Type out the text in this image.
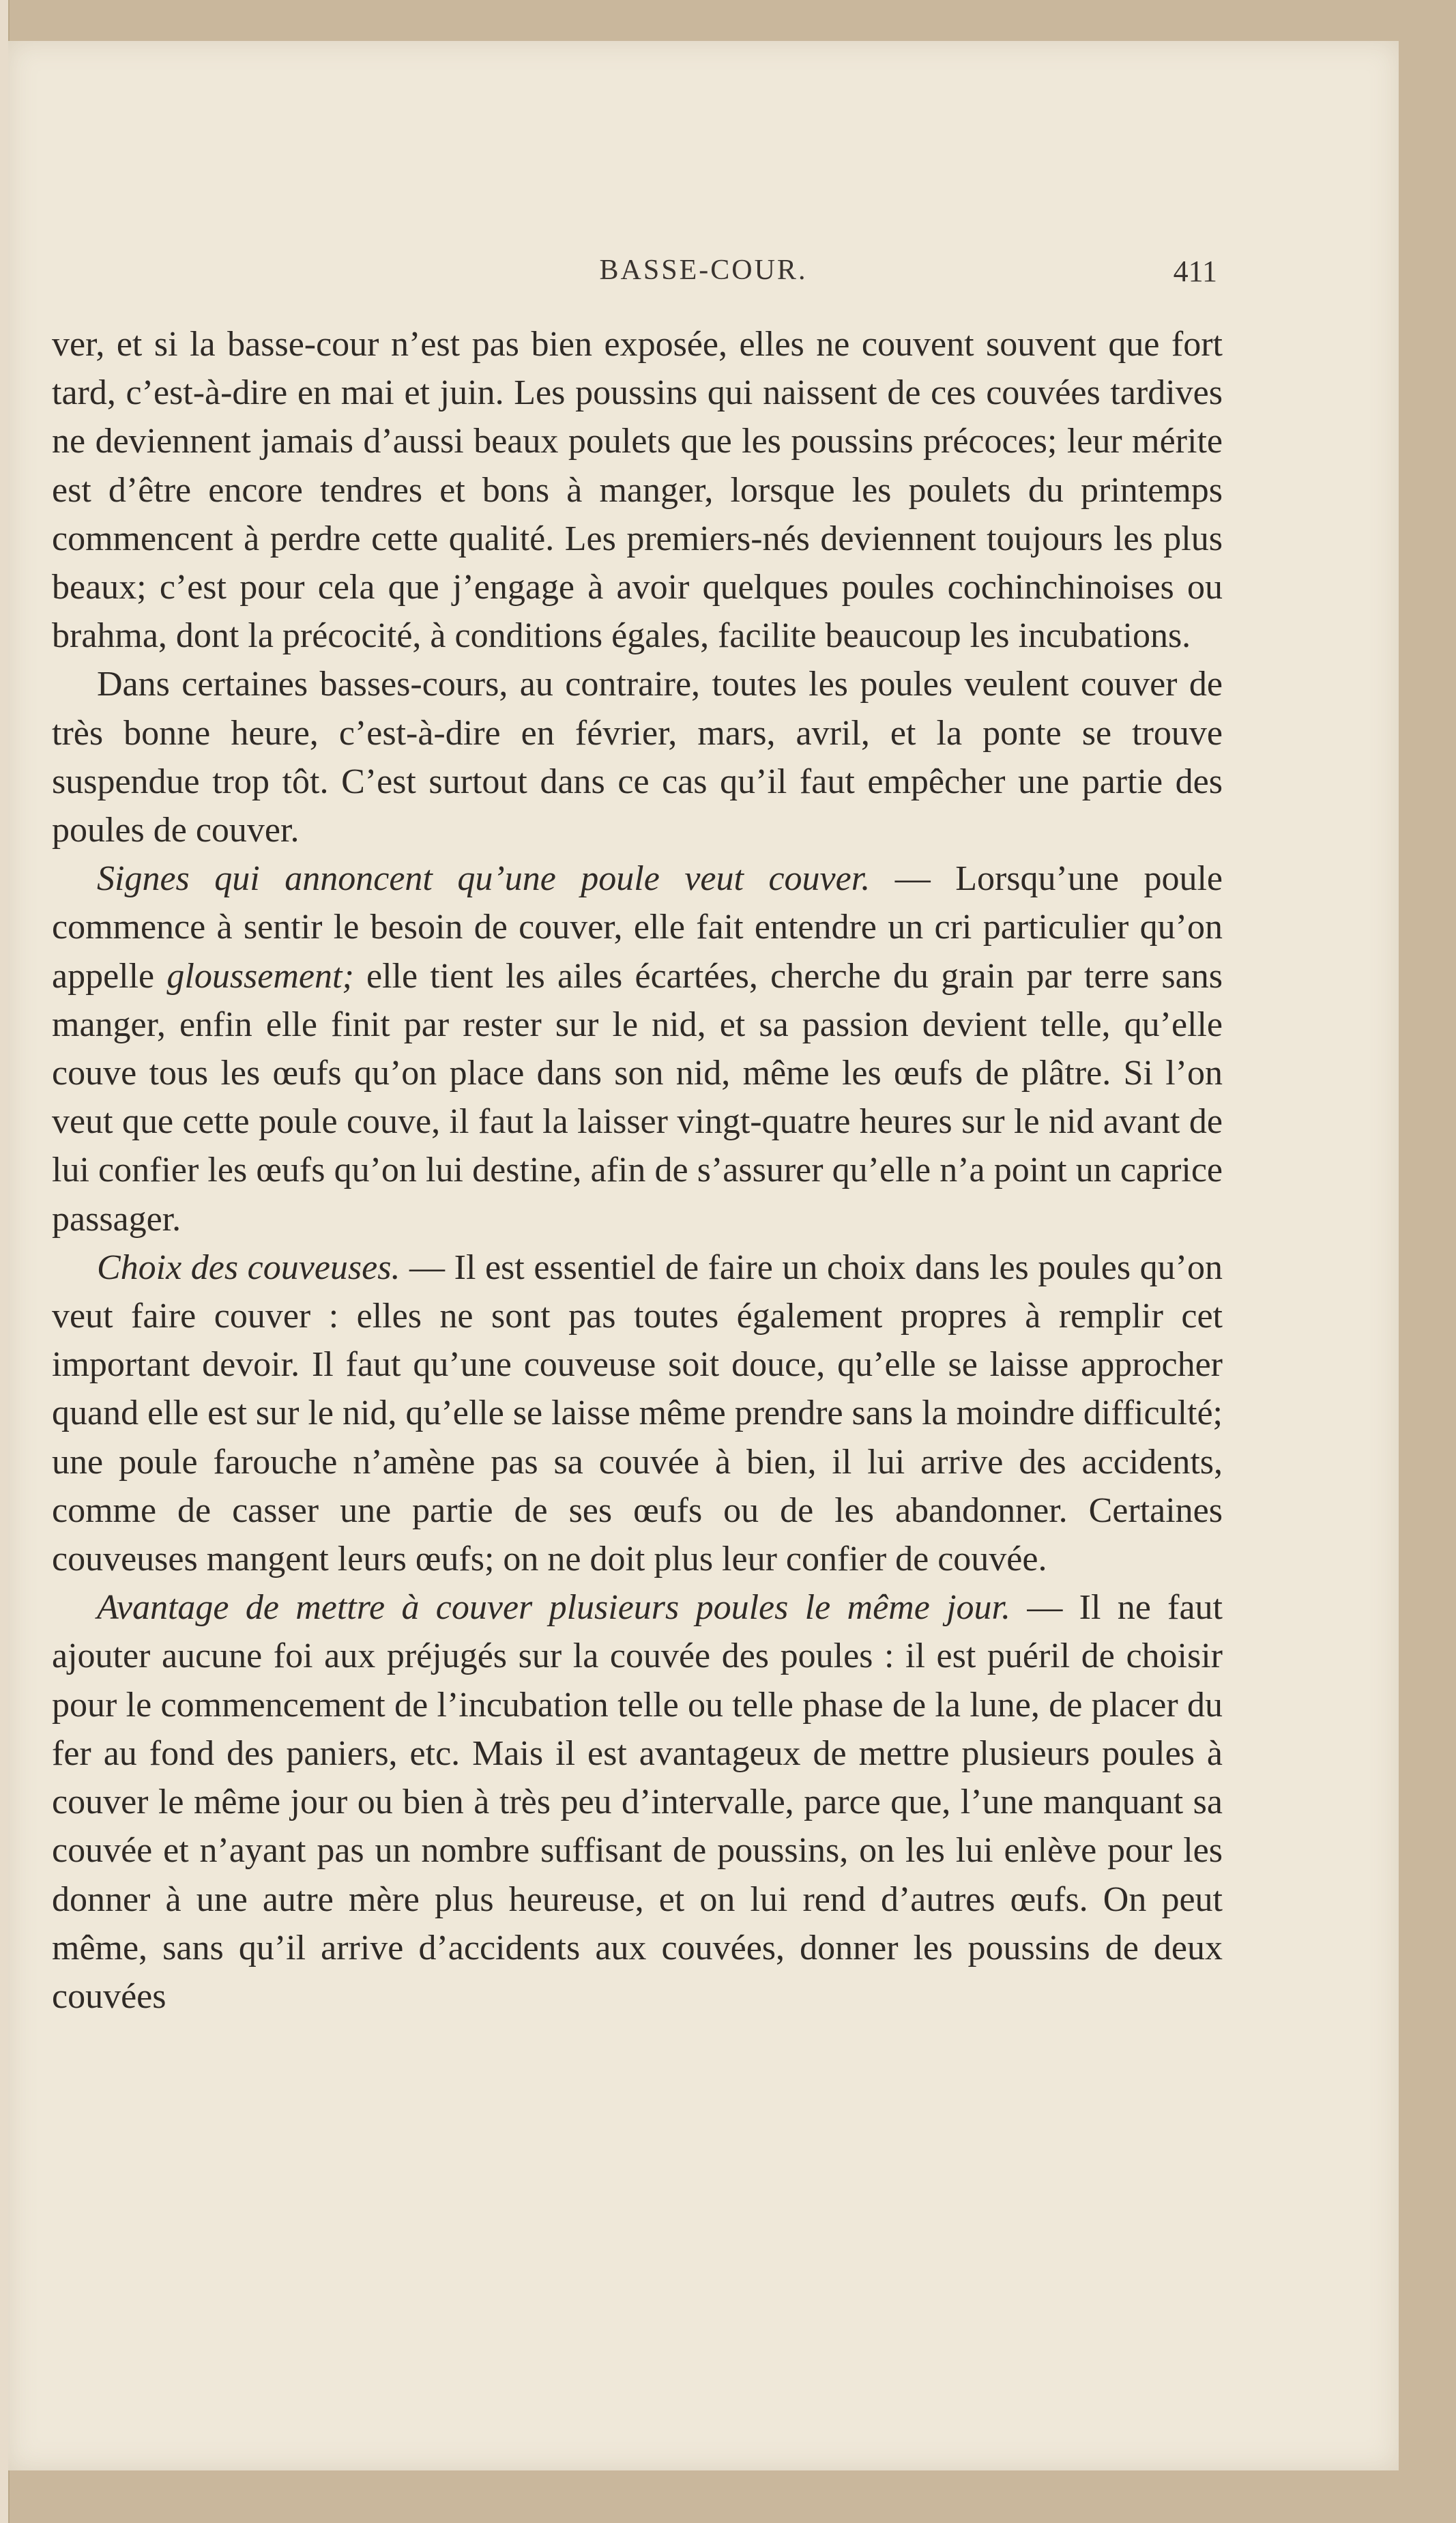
BASSE-COUR.	411

ver, et si la basse-cour n’est pas bien exposée, elles ne couvent souvent que fort tard, c’est-à-dire en mai et juin. Les poussins qui naissent de ces couvées tardives ne deviennent jamais d’aussi beaux poulets que les poussins précoces; leur mérite est d’être encore tendres et bons à manger, lorsque les poulets du printemps commencent à perdre cette qualité. Les premiers-nés deviennent toujours les plus beaux; c’est pour cela que j’engage à avoir quelques poules cochinchinoises ou brahma, dont la précocité, à conditions égales, facilite beaucoup les incubations.

Dans certaines basses-cours, au contraire, toutes les poules veulent couver de très bonne heure, c’est-à-dire en février, mars, avril, et la ponte se trouve suspendue trop tôt. C’est surtout dans ce cas qu’il faut empêcher une partie des poules de couver.

Signes qui annoncent qu’une poule veut couver. — Lorsqu’une poule commence à sentir le besoin de couver, elle fait entendre un cri particulier qu’on appelle gloussement; elle tient les ailes écartées, cherche du grain par terre sans manger, enfin elle finit par rester sur le nid, et sa passion devient telle, qu’elle couve tous les œufs qu’on place dans son nid, même les œufs de plâtre. Si l’on veut que cette poule couve, il faut la laisser vingt-quatre heures sur le nid avant de lui confier les œufs qu’on lui destine, afin de s’assurer qu’elle n’a point un caprice passager.

Choix des couveuses. — Il est essentiel de faire un choix dans les poules qu’on veut faire couver : elles ne sont pas toutes également propres à remplir cet important devoir. Il faut qu’une couveuse soit douce, qu’elle se laisse approcher quand elle est sur le nid, qu’elle se laisse même prendre sans la moindre difficulté; une poule farouche n’amène pas sa couvée à bien, il lui arrive des accidents, comme de casser une partie de ses œufs ou de les abandonner. Certaines couveuses mangent leurs œufs; on ne doit plus leur confier de couvée.

Avantage de mettre à couver plusieurs poules le même jour. — Il ne faut ajouter aucune foi aux préjugés sur la couvée des poules : il est puéril de choisir pour le commencement de l’incubation telle ou telle phase de la lune, de placer du fer au fond des paniers, etc. Mais il est avantageux de mettre plusieurs poules à couver le même jour ou bien à très peu d’intervalle, parce que, l’une manquant sa couvée et n’ayant pas un nombre suffisant de poussins, on les lui enlève pour les donner à une autre mère plus heureuse, et on lui rend d’autres œufs. On peut même, sans qu’il arrive d’accidents aux couvées, donner les poussins de deux couvées
